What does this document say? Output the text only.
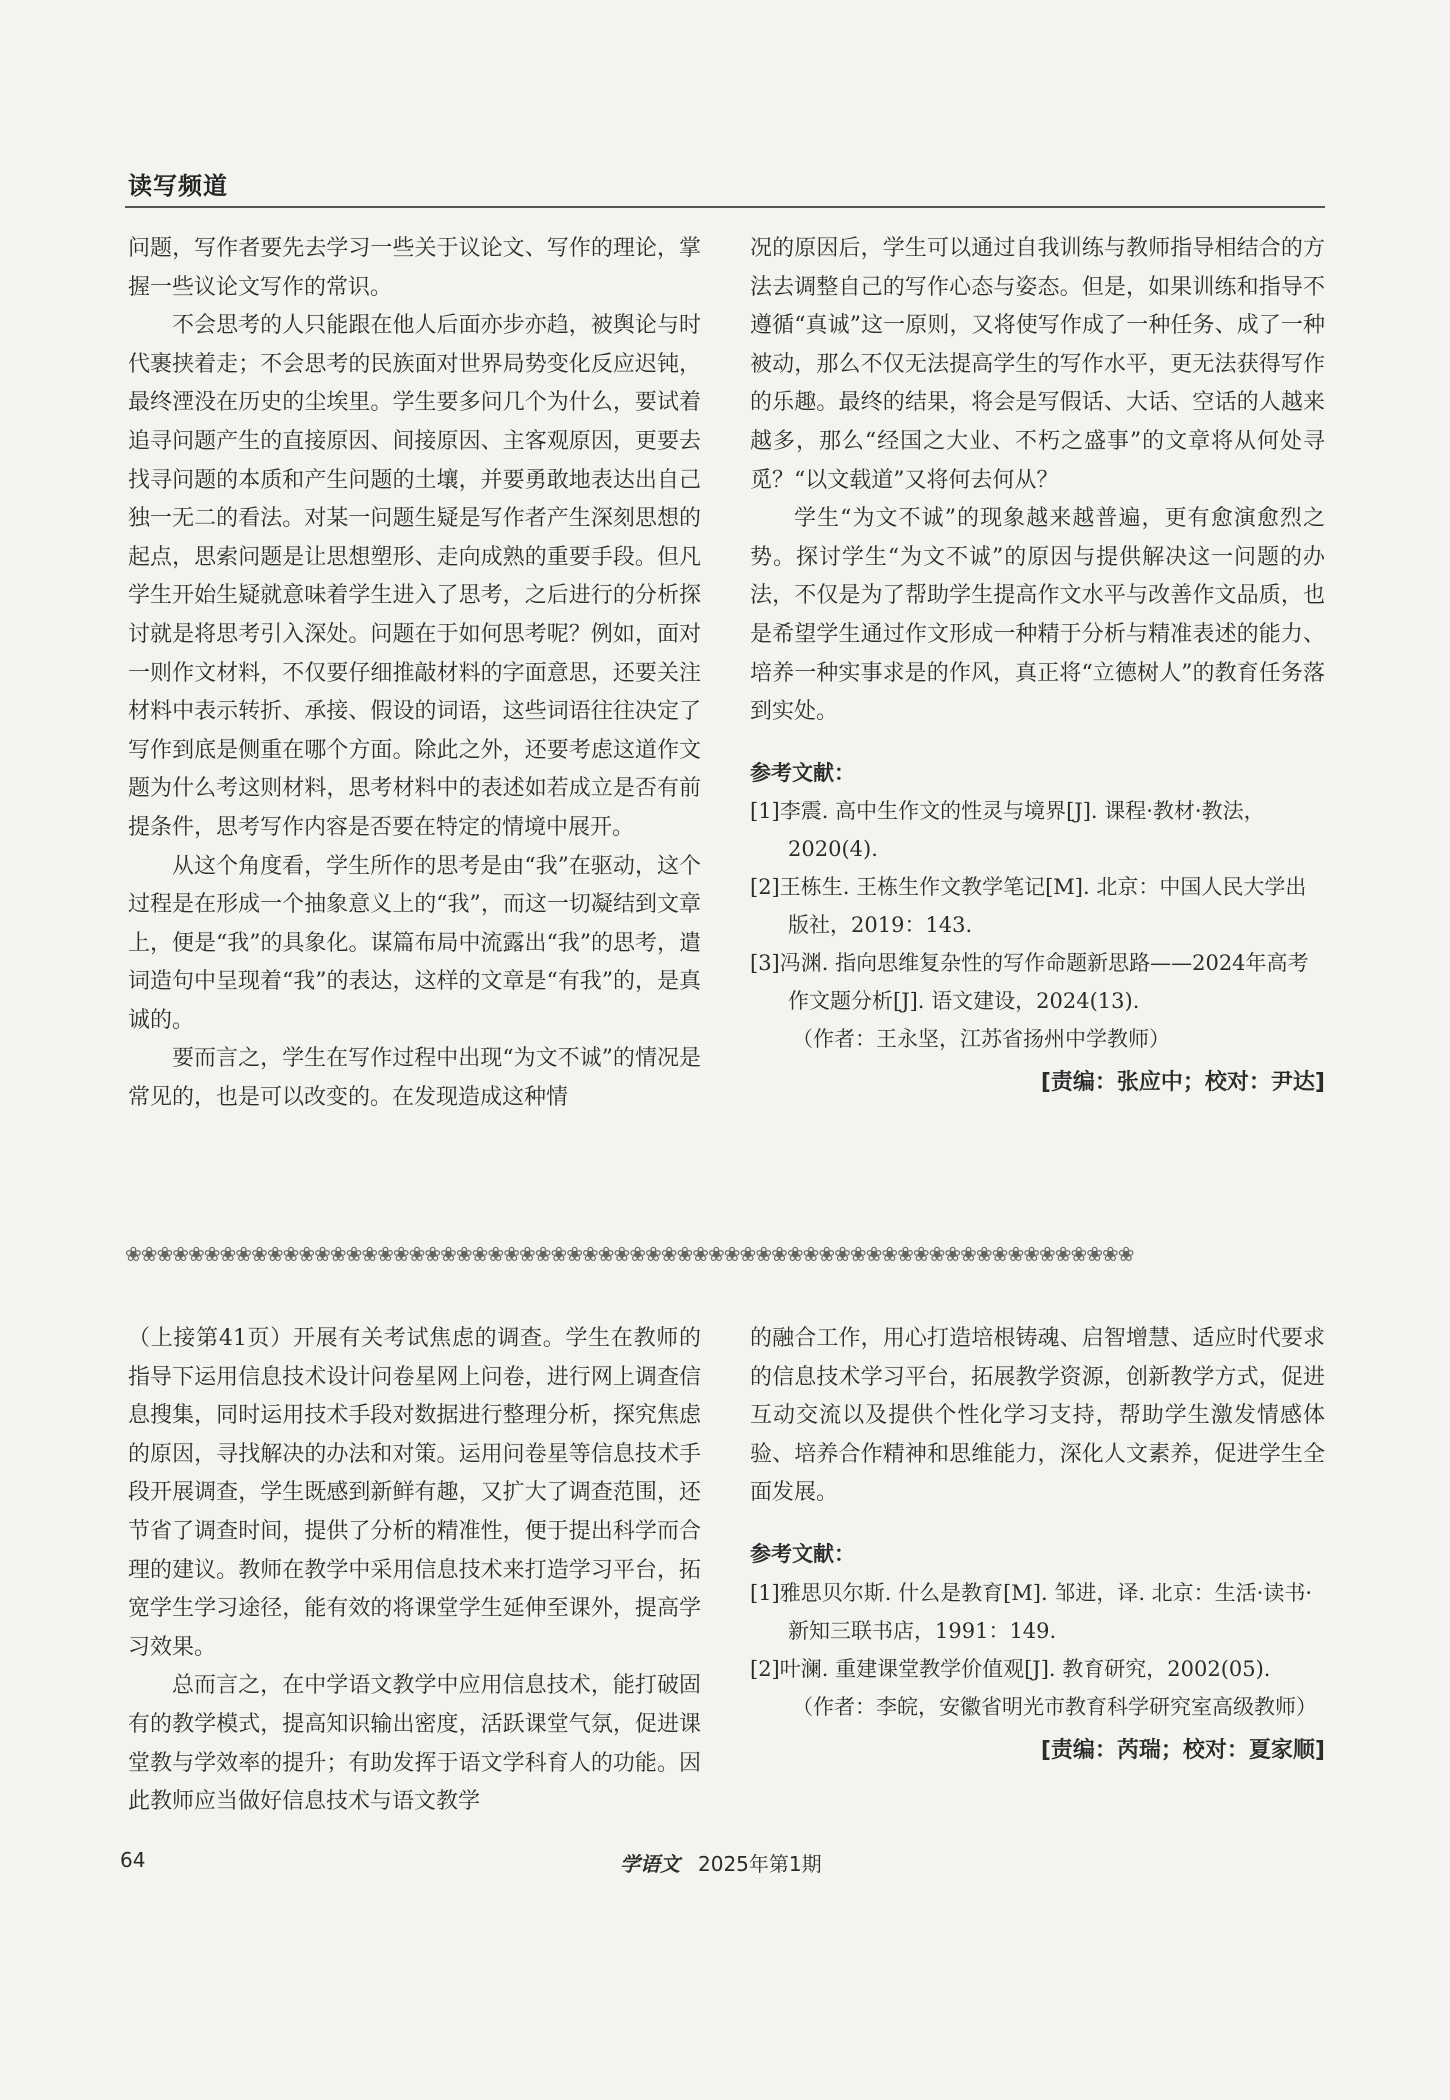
读写频道

问题，写作者要先去学习一些关于议论文、写作的理论，掌握一些议论文写作的常识。

不会思考的人只能跟在他人后面亦步亦趋，被舆论与时代裹挟着走；不会思考的民族面对世界局势变化反应迟钝，最终湮没在历史的尘埃里。学生要多问几个为什么，要试着追寻问题产生的直接原因、间接原因、主客观原因，更要去找寻问题的本质和产生问题的土壤，并要勇敢地表达出自己独一无二的看法。对某一问题生疑是写作者产生深刻思想的起点，思索问题是让思想塑形、走向成熟的重要手段。但凡学生开始生疑就意味着学生进入了思考，之后进行的分析探讨就是将思考引入深处。问题在于如何思考呢？例如，面对一则作文材料，不仅要仔细推敲材料的字面意思，还要关注材料中表示转折、承接、假设的词语，这些词语往往决定了写作到底是侧重在哪个方面。除此之外，还要考虑这道作文题为什么考这则材料，思考材料中的表述如若成立是否有前提条件，思考写作内容是否要在特定的情境中展开。

从这个角度看，学生所作的思考是由“我”在驱动，这个过程是在形成一个抽象意义上的“我”，而这一切凝结到文章上，便是“我”的具象化。谋篇布局中流露出“我”的思考，遣词造句中呈现着“我”的表达，这样的文章是“有我”的，是真诚的。

要而言之，学生在写作过程中出现“为文不诚”的情况是常见的，也是可以改变的。在发现造成这种情

况的原因后，学生可以通过自我训练与教师指导相结合的方法去调整自己的写作心态与姿态。但是，如果训练和指导不遵循“真诚”这一原则，又将使写作成了一种任务、成了一种被动，那么不仅无法提高学生的写作水平，更无法获得写作的乐趣。最终的结果，将会是写假话、大话、空话的人越来越多，那么“经国之大业、不朽之盛事”的文章将从何处寻觅？“以文载道”又将何去何从？

学生“为文不诚”的现象越来越普遍，更有愈演愈烈之势。探讨学生“为文不诚”的原因与提供解决这一问题的办法，不仅是为了帮助学生提高作文水平与改善作文品质，也是希望学生通过作文形成一种精于分析与精准表述的能力、培养一种实事求是的作风，真正将“立德树人”的教育任务落到实处。

参考文献：
[1]李震. 高中生作文的性灵与境界[J]. 课程·教材·教法，2020(4).
[2]王栋生. 王栋生作文教学笔记[M]. 北京：中国人民大学出版社，2019：143.
[3]冯渊. 指向思维复杂性的写作命题新思路——2024年高考作文题分析[J]. 语文建设，2024(13).
（作者：王永坚，江苏省扬州中学教师）
[责编：张应中；校对：尹达]
❀❀❀❀❀❀❀❀❀❀❀❀❀❀❀❀❀❀❀❀❀❀❀❀❀❀❀❀❀❀❀❀❀❀❀❀❀❀❀❀❀❀❀❀❀❀❀❀❀❀❀❀❀❀❀❀❀❀❀❀❀❀❀❀

（上接第41页）开展有关考试焦虑的调查。学生在教师的指导下运用信息技术设计问卷星网上问卷，进行网上调查信息搜集，同时运用技术手段对数据进行整理分析，探究焦虑的原因，寻找解决的办法和对策。运用问卷星等信息技术手段开展调查，学生既感到新鲜有趣，又扩大了调查范围，还节省了调查时间，提供了分析的精准性，便于提出科学而合理的建议。教师在教学中采用信息技术来打造学习平台，拓宽学生学习途径，能有效的将课堂学生延伸至课外，提高学习效果。

总而言之，在中学语文教学中应用信息技术，能打破固有的教学模式，提高知识输出密度，活跃课堂气氛，促进课堂教与学效率的提升；有助发挥于语文学科育人的功能。因此教师应当做好信息技术与语文教学

的融合工作，用心打造培根铸魂、启智增慧、适应时代要求的信息技术学习平台，拓展教学资源，创新教学方式，促进互动交流以及提供个性化学习支持，帮助学生激发情感体验、培养合作精神和思维能力，深化人文素养，促进学生全面发展。

参考文献：
[1]雅思贝尔斯. 什么是教育[M]. 邹进，译. 北京：生活·读书·新知三联书店，1991：149.
[2]叶澜. 重建课堂教学价值观[J]. 教育研究，2002(05).
（作者：李皖，安徽省明光市教育科学研究室高级教师）
[责编：芮瑞；校对：夏家顺]
64	学语文 2025年第1期
